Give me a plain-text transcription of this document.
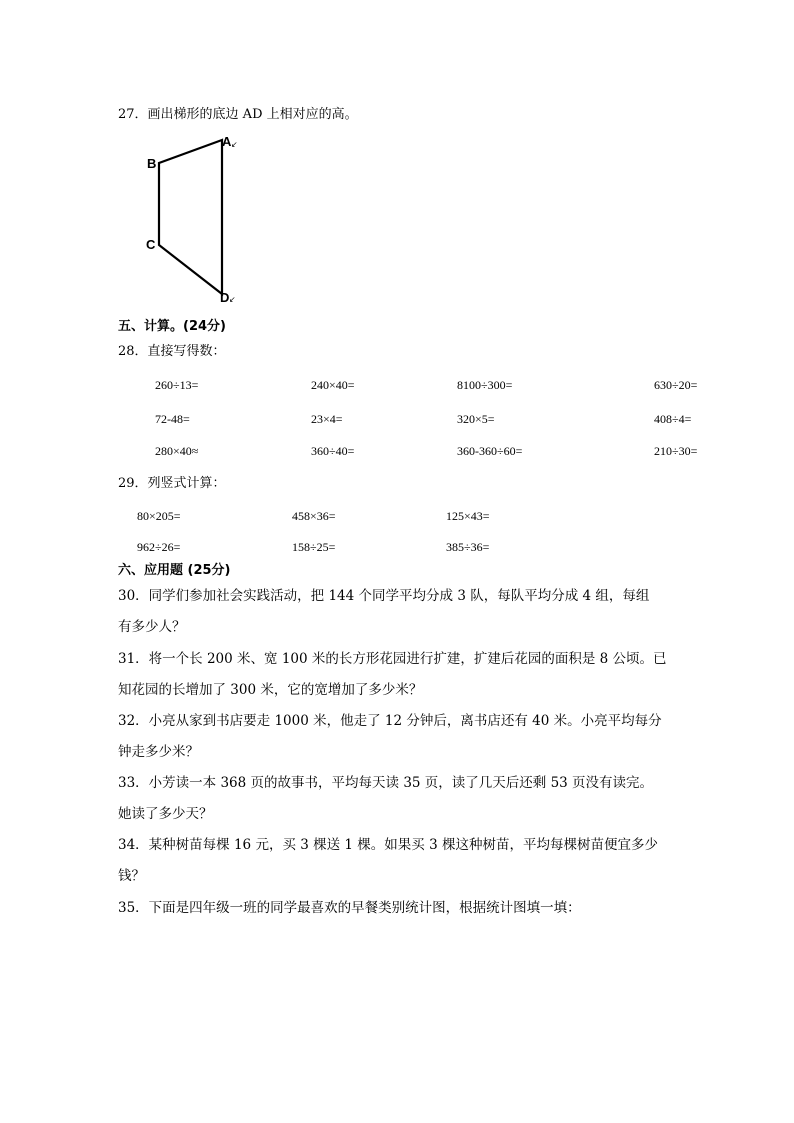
27．画出梯形的底边 AD 上相对应的高。
A ↙
B
C
D ↙
五、计算。(24分)
28．直接写得数：
260÷13=	240×40=	8100÷300=	630÷20=
72-48=	23×4=	320×5=	408÷4=
280×40≈	360÷40=	360-360÷60=	210÷30=
29．列竖式计算：
80×205=	458×36=	125×43=
962÷26=	158÷25=	385÷36=
六、应用题 (25分)
30．同学们参加社会实践活动，把 144 个同学平均分成 3 队，每队平均分成 4 组，每组
有多少人？
31．将一个长 200 米、宽 100 米的长方形花园进行扩建，扩建后花园的面积是 8 公顷。已
知花园的长增加了 300 米，它的宽增加了多少米？
32．小亮从家到书店要走 1000 米，他走了 12 分钟后，离书店还有 40 米。小亮平均每分
钟走多少米？
33．小芳读一本 368 页的故事书，平均每天读 35 页，读了几天后还剩 53 页没有读完。
她读了多少天？
34．某种树苗每棵 16 元，买 3 棵送 1 棵。如果买 3 棵这种树苗，平均每棵树苗便宜多少
钱？
35．下面是四年级一班的同学最喜欢的早餐类别统计图，根据统计图填一填：
